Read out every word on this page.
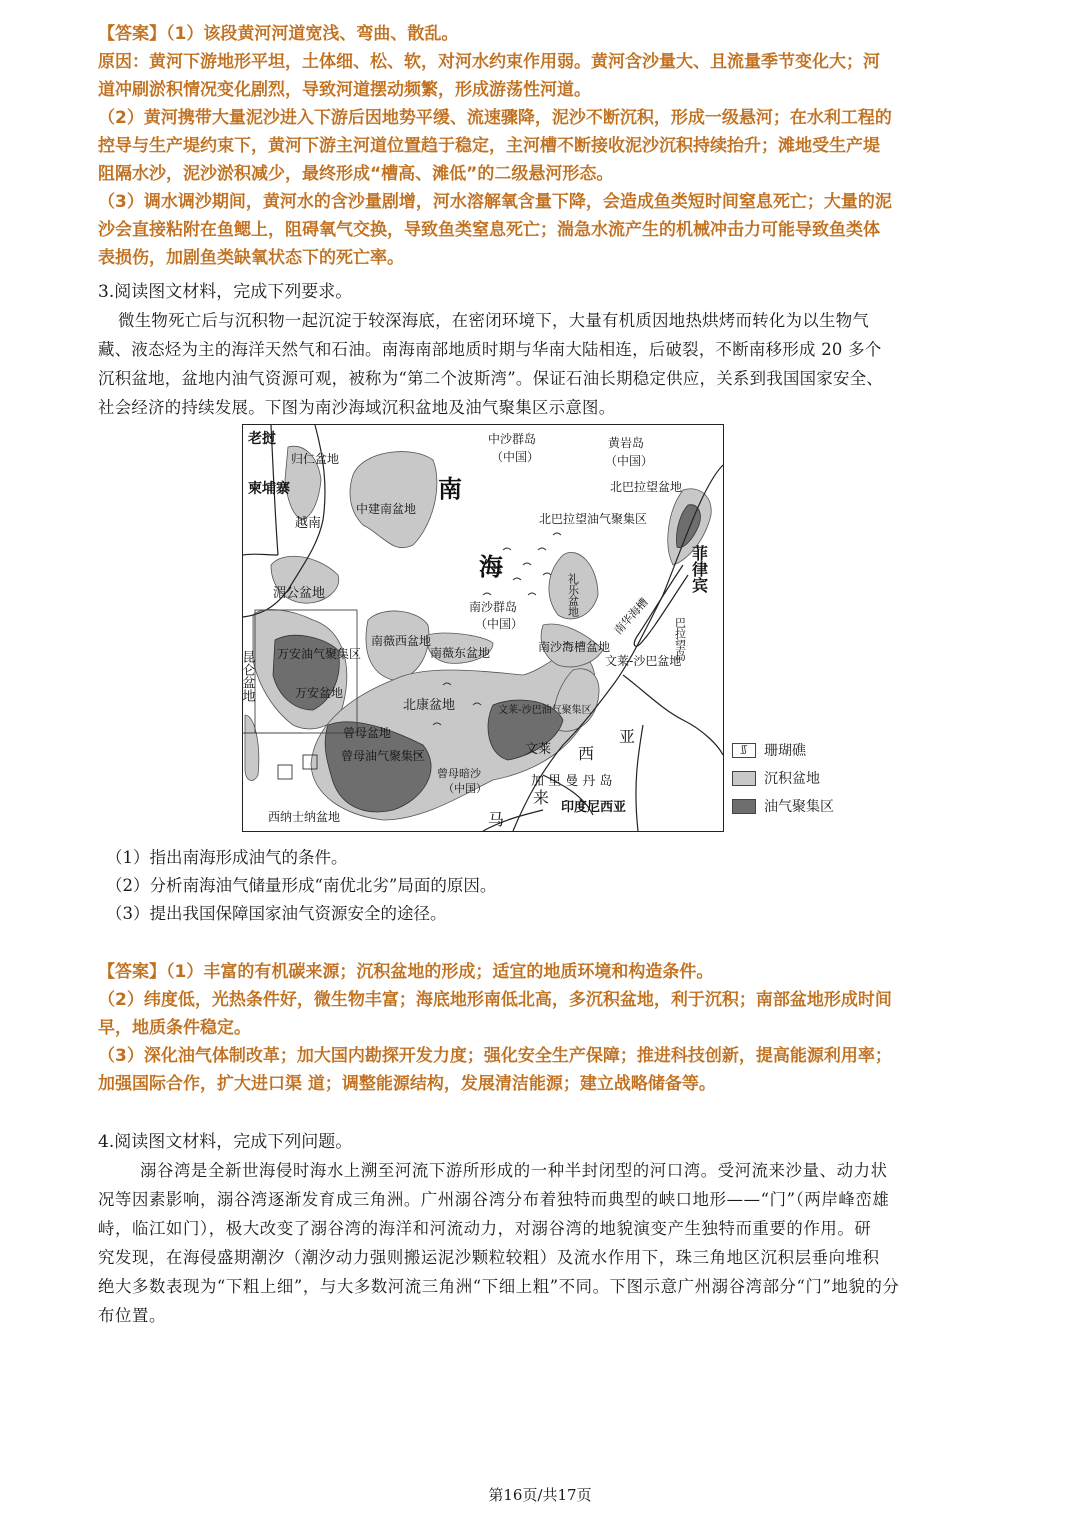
【答案】（1）该段黄河河道宽浅、弯曲、散乱。
原因：黄河下游地形平坦，土体细、松、软，对河水约束作用弱。黄河含沙量大、且流量季节变化大；河
道冲刷淤积情况变化剧烈，导致河道摆动频繁，形成游荡性河道。
（2）黄河携带大量泥沙进入下游后因地势平缓、流速骤降，泥沙不断沉积，形成一级悬河；在水利工程的
控导与生产堤约束下，黄河下游主河道位置趋于稳定，主河槽不断接收泥沙沉积持续抬升；滩地受生产堤
阻隔水沙，泥沙淤积减少，最终形成“槽高、滩低”的二级悬河形态。
（3）调水调沙期间，黄河水的含沙量剧增，河水溶解氧含量下降，会造成鱼类短时间窒息死亡；大量的泥
沙会直接粘附在鱼鳃上，阻碍氧气交换，导致鱼类窒息死亡；湍急水流产生的机械冲击力可能导致鱼类体
表损伤，加剧鱼类缺氧状态下的死亡率。
3.阅读图文材料，完成下列要求。
微生物死亡后与沉积物一起沉淀于较深海底，在密闭环境下，大量有机质因地热烘烤而转化为以生物气
藏、液态烃为主的海洋天然气和石油。南海南部地质时期与华南大陆相连，后破裂，不断南移形成 20 多个
沉积盆地，盆地内油气资源可观，被称为“第二个波斯湾”。保证石油长期稳定供应，关系到我国国家安全、
社会经济的持续发展。下图为南沙海域沉积盆地及油气聚集区示意图。
老挝
柬埔寨
归仁盆地
越南
中沙群岛
（中国）
黄岩岛
（中国）
南
海
中建南盆地
北巴拉望盆地
北巴拉望油气聚集区
菲律宾
湄公盆地
南沙群岛
（中国）
礼乐盆地	南华海槽
巴拉望岛
昆仑盆地 万安油气聚集区
万安盆地
南薇西盆地
南薇东盆地	南沙海槽盆地
文莱-沙巴盆地
北康盆地	文莱-沙巴油气聚集区
曾母盆地
曾母油气聚集区
曾母暗沙
（中国）
文莱 西
亚
加 里 曼 丹 岛
来
马
印度尼西亚
西纳士纳盆地
ʃʃ	珊瑚礁
沉积盆地
油气聚集区
（1）指出南海形成油气的条件。
（2）分析南海油气储量形成“南优北劣”局面的原因。
（3）提出我国保障国家油气资源安全的途径。
【答案】（1）丰富的有机碳来源；沉积盆地的形成；适宜的地质环境和构造条件。
（2）纬度低，光热条件好，微生物丰富；海底地形南低北高，多沉积盆地，利于沉积；南部盆地形成时间
早，地质条件稳定。
（3）深化油气体制改革；加大国内勘探开发力度；强化安全生产保障；推进科技创新，提高能源利用率；
加强国际合作，扩大进口渠 道；调整能源结构，发展清洁能源；建立战略储备等。
4.阅读图文材料，完成下列问题。
溺谷湾是全新世海侵时海水上溯至河流下游所形成的一种半封闭型的河口湾。受河流来沙量、动力状
况等因素影响，溺谷湾逐渐发育成三角洲。广州溺谷湾分布着独特而典型的峡口地形——“门”（两岸峰峦雄
峙，临江如门），极大改变了溺谷湾的海洋和河流动力，对溺谷湾的地貌演变产生独特而重要的作用。研
究发现，在海侵盛期潮汐（潮汐动力强则搬运泥沙颗粒较粗）及流水作用下，珠三角地区沉积层垂向堆积
绝大多数表现为“下粗上细”，与大多数河流三角洲“下细上粗”不同。下图示意广州溺谷湾部分“门”地貌的分
布位置。
第16页/共17页
